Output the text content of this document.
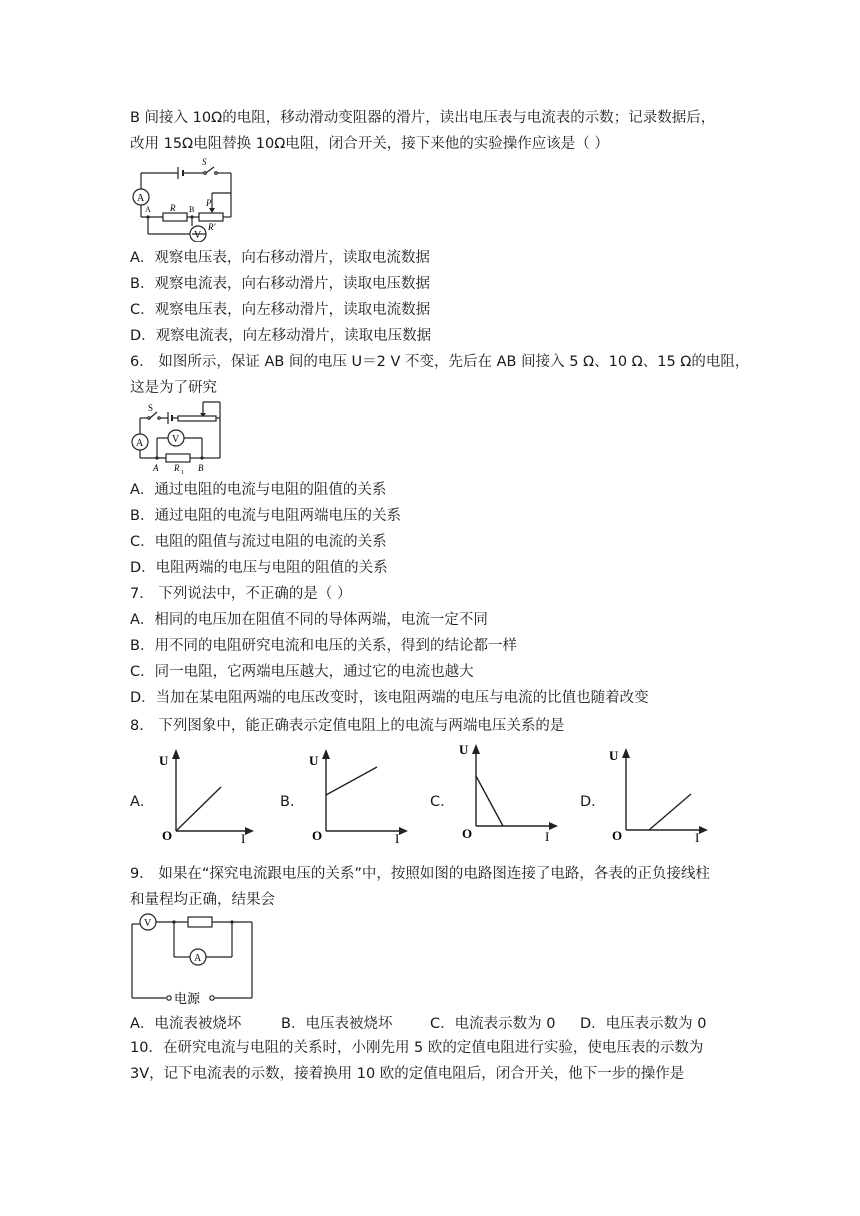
B 间接入 10Ω的电阻，移动滑动变阻器的滑片，读出电压表与电流表的示数；记录数据后，
改用 15Ω电阻替换 10Ω电阻，闭合开关，接下来他的实验操作应该是（ ）
A
V
S
A	B
R	P
R'
A．观察电压表，向右移动滑片，读取电流数据
B．观察电流表，向右移动滑片，读取电压数据
C．观察电压表，向左移动滑片，读取电流数据
D．观察电流表，向左移动滑片，读取电压数据
6． 如图所示，保证 AB 间的电压 U＝2 V 不变，先后在 AB 间接入 5 Ω、10 Ω、15 Ω的电阻，
这是为了研究
S
A	V
A R 1 B
A．通过电阻的电流与电阻的阻值的关系
B．通过电阻的电流与电阻两端电压的关系
C．电阻的阻值与流过电阻的电流的关系
D．电阻两端的电压与电阻的阻值的关系
7． 下列说法中，不正确的是（ ）
A．相同的电压加在阻值不同的导体两端，电流一定不同
B．用不同的电阻研究电流和电压的关系，得到的结论都一样
C．同一电阻，它两端电压越大，通过它的电流也越大
D．当加在某电阻两端的电压改变时，该电阻两端的电压与电流的比值也随着改变
8． 下列图象中，能正确表示定值电阻上的电流与两端电压关系的是
A．
U
O	I
B．
U
O	I
C．
U
O	I
D．
U
O	I
9． 如果在“探究电流跟电压的关系”中，按照如图的电路图连接了电路，各表的正负接线柱
和量程均正确，结果会
V
A
电源
A．电流表被烧坏	B．电压表被烧坏	C．电流表示数为 0 D．电压表示数为 0
10．在研究电流与电阻的关系时，小刚先用 5 欧的定值电阻进行实验，使电压表的示数为
3V，记下电流表的示数，接着换用 10 欧的定值电阻后，闭合开关，他下一步的操作是
